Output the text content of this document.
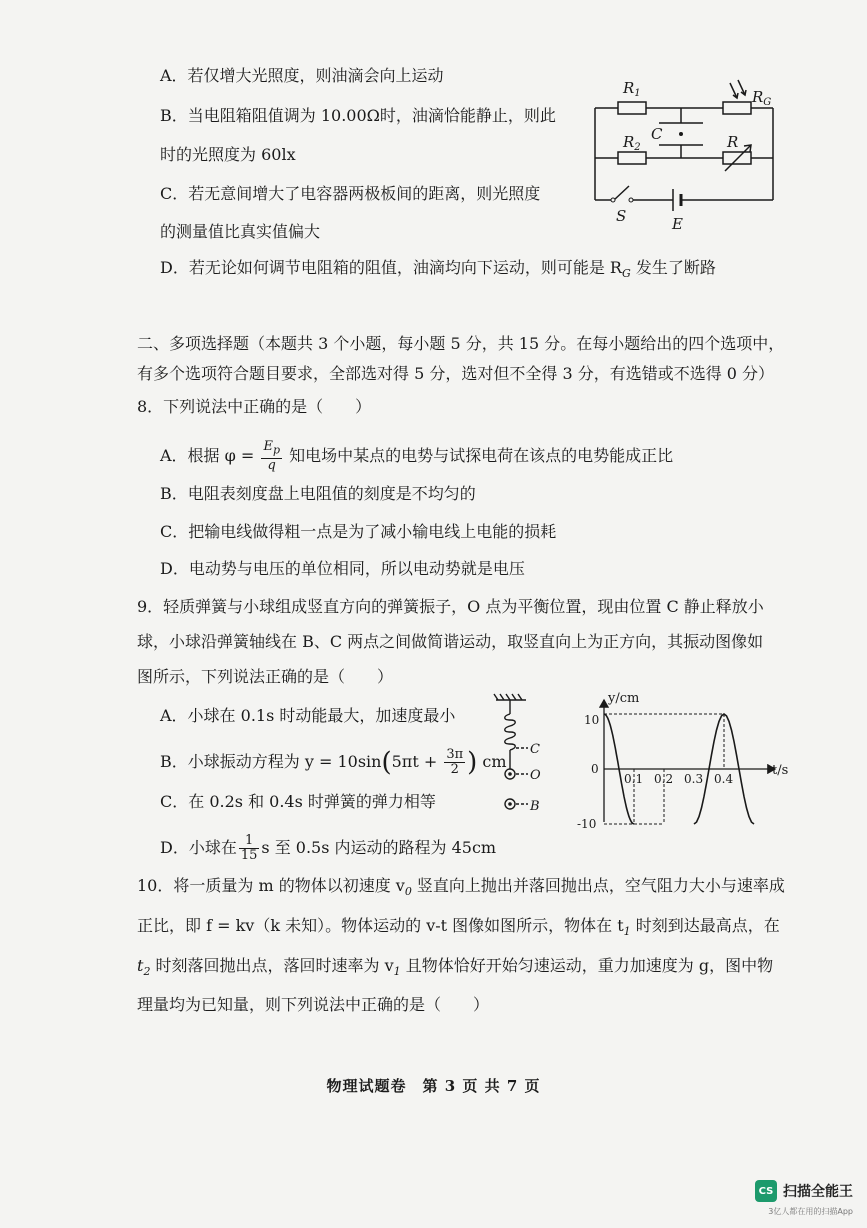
A．若仅增大光照度，则油滴会向上运动
B．当电阻箱阻值调为 10.00Ω时，油滴恰能静止，则此
时的光照度为 60lx
C．若无意间增大了电容器两极板间的距离，则光照度
的测量值比真实值偏大
D．若无论如何调节电阻箱的阻值，油滴均向下运动，则可能是 $R_G$ 发生了断路
$R_1$	$R_G$
C
$R_2$	R
S	E
二、多项选择题（本题共 3 个小题，每小题 5 分，共 15 分。在每小题给出的四个选项中，
有多个选项符合题目要求，全部选对得 5 分，选对但不全得 3 分，有选错或不选得 0 分）
8．下列说法中正确的是（　　）
A．根据 $\varphi = \frac{E_p}{q}$ 知电场中某点的电势与试探电荷在该点的电势能成正比
B．电阻表刻度盘上电阻值的刻度是不均匀的
C．把输电线做得粗一点是为了减小输电线上电能的损耗
D．电动势与电压的单位相同，所以电动势就是电压
9．轻质弹簧与小球组成竖直方向的弹簧振子，O 点为平衡位置，现由位置 C 静止释放小
球，小球沿弹簧轴线在 B、C 两点之间做简谐运动，取竖直向上为正方向，其振动图像如
图所示，下列说法正确的是（　　）
A．小球在 0.1s 时动能最大，加速度最小
B．小球振动方程为 $y = 10\sin(5\pi t + \frac{3\pi}{2}$ ) cm
C．在 0.2s 和 0.4s 时弹簧的弹力相等
D．小球在 $\frac{1}{15}$ s 至 0.5s 内运动的路程为 45cm
C
O
B
0.1 0.2 0.3 0.4
10
0
-10
y/cm
t/s
10．将一质量为 m 的物体以初速度 $v_0$ 竖直向上抛出并落回抛出点，空气阻力大小与速率成
正比，即 f = kv（k 未知）。物体运动的 v-t 图像如图所示，物体在 $t_1$ 时刻到达最高点，在
$t_2$ 时刻落回抛出点，落回时速率为 $v_1$ 且物体恰好开始匀速运动，重力加速度为 g，图中物
理量均为已知量，则下列说法中正确的是（　　）
物理试题卷　第 3 页 共 7 页
CS 扫描全能王
3亿人都在用的扫描App
